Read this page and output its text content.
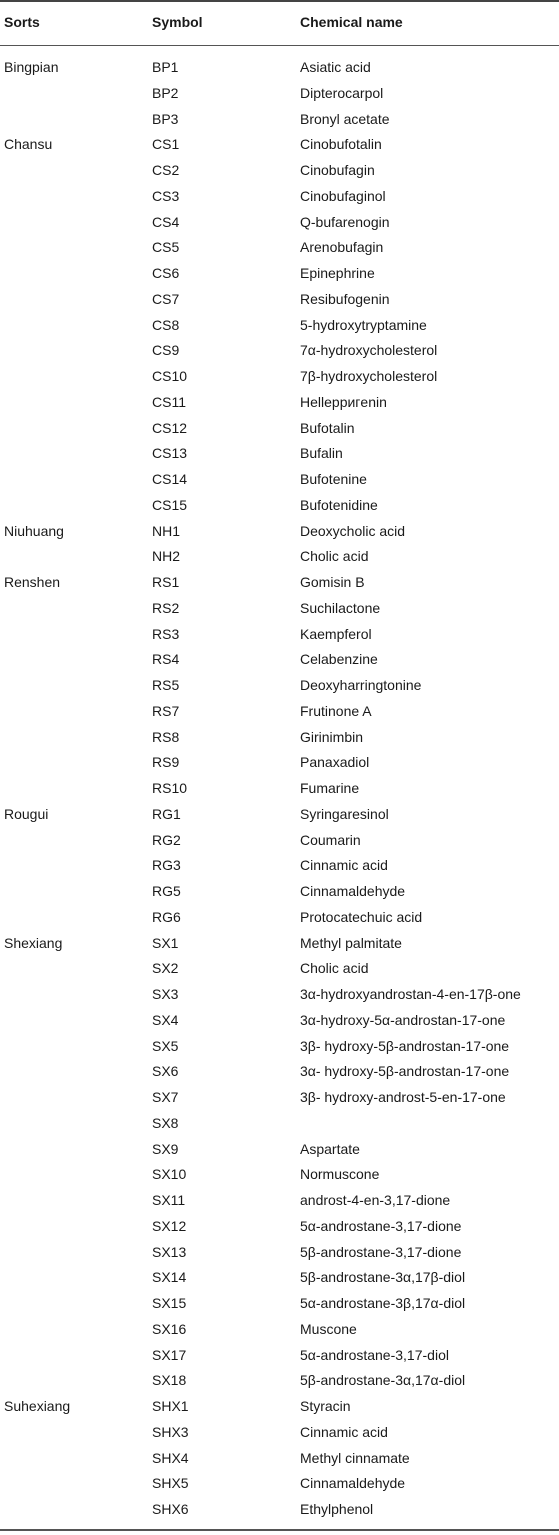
Sorts	Symbol	Chemical name
Bingpian	BP1	Asiatic acid
BP2	Dipterocarpol
BP3	Bronyl acetate
Chansu	CS1	Cinobufotalin
CS2	Cinobufagin
CS3	Cinobufaginol
CS4	Q-bufarenogin
CS5	Arenobufagin
CS6	Epinephrine
CS7	Resibufogenin
CS8	5-hydroxytryptamine
CS9	7α-hydroxycholesterol
CS10	7β-hydroxycholesterol
CS11	Hellepригenin
CS12	Bufotalin
CS13	Bufalin
CS14	Bufotenine
CS15	Bufotenidine
Niuhuang	NH1	Deoxycholic acid
NH2	Cholic acid
Renshen	RS1	Gomisin B
RS2	Suchilactone
RS3	Kaempferol
RS4	Celabenzine
RS5	Deoxyharringtonine
RS7	Frutinone A
RS8	Girinimbin
RS9	Panaxadiol
RS10	Fumarine
Rougui	RG1	Syringaresinol
RG2	Coumarin
RG3	Cinnamic acid
RG5	Cinnamaldehyde
RG6	Protocatechuic acid
Shexiang	SX1	Methyl palmitate
SX2	Cholic acid
SX3	3α-hydroxyandrostan-4-en-17β-one
SX4	3α-hydroxy-5α-androstan-17-one
SX5	3β- hydroxy-5β-androstan-17-one
SX6	3α- hydroxy-5β-androstan-17-one
SX7	3β- hydroxy-androst-5-en-17-one
SX8
SX9	Aspartate
SX10	Normuscone
SX11	androst-4-en-3,17-dione
SX12	5α-androstane-3,17-dione
SX13	5β-androstane-3,17-dione
SX14	5β-androstane-3α,17β-diol
SX15	5α-androstane-3β,17α-diol
SX16	Muscone
SX17	5α-androstane-3,17-diol
SX18	5β-androstane-3α,17α-diol
Suhexiang	SHX1	Styracin
SHX3	Cinnamic acid
SHX4	Methyl cinnamate
SHX5	Cinnamaldehyde
SHX6	Ethylphenol
